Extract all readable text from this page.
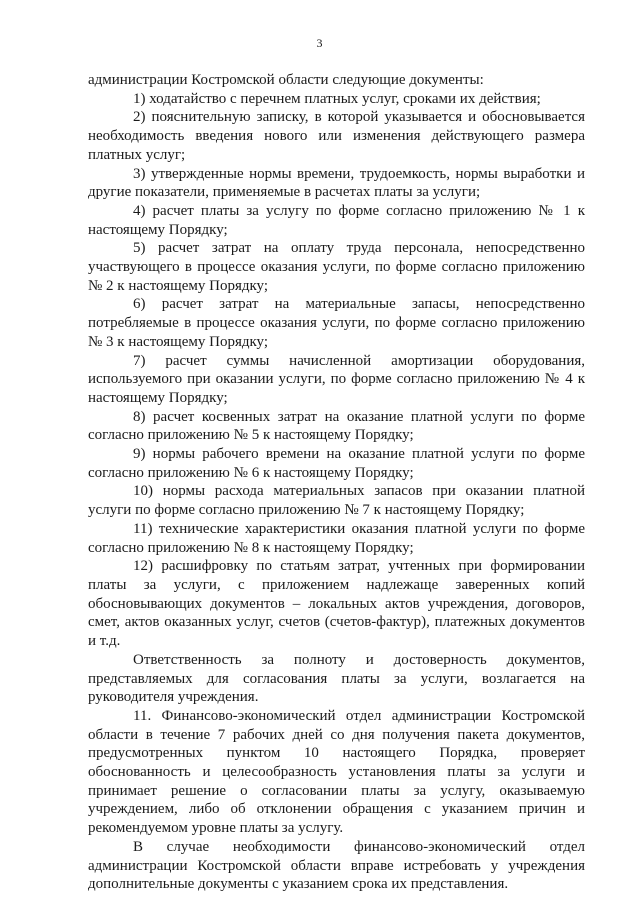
3

администрации Костромской области следующие документы:

1) ходатайство с перечнем платных услуг, сроками их действия;

2) пояснительную записку, в которой указывается и обосновывается необходимость введения нового или изменения действующего размера платных услуг;

3) утвержденные нормы времени, трудоемкость, нормы выработки и другие показатели, применяемые в расчетах платы за услуги;

4) расчет платы за услугу по форме согласно приложению № 1 к настоящему Порядку;

5) расчет затрат на оплату труда персонала, непосредственно участвующего в процессе оказания услуги, по форме согласно приложению № 2 к настоящему Порядку;

6) расчет затрат на материальные запасы, непосредственно потребляемые в процессе оказания услуги, по форме согласно приложению № 3 к настоящему Порядку;

7) расчет суммы начисленной амортизации оборудования, используемого при оказании услуги, по форме согласно приложению № 4 к настоящему Порядку;

8) расчет косвенных затрат на оказание платной услуги по форме согласно приложению № 5 к настоящему Порядку;

9) нормы рабочего времени на оказание платной услуги по форме согласно приложению № 6 к настоящему Порядку;

10) нормы расхода материальных запасов при оказании платной услуги по форме согласно приложению № 7 к настоящему Порядку;

11) технические характеристики оказания платной услуги по форме согласно приложению № 8 к настоящему Порядку;

12) расшифровку по статьям затрат, учтенных при формировании платы за услуги, с приложением надлежаще заверенных копий обосновывающих документов – локальных актов учреждения, договоров, смет, актов оказанных услуг, счетов (счетов-фактур), платежных документов и т.д.

Ответственность за полноту и достоверность документов, представляемых для согласования платы за услуги, возлагается на руководителя учреждения.

11. Финансово-экономический отдел администрации Костромской области в течение 7 рабочих дней со дня получения пакета документов, предусмотренных пунктом 10 настоящего Порядка, проверяет обоснованность и целесообразность установления платы за услуги и принимает решение о согласовании платы за услугу, оказываемую учреждением, либо об отклонении обращения с указанием причин и рекомендуемом уровне платы за услугу.

В случае необходимости финансово-экономический отдел администрации Костромской области вправе истребовать у учреждения дополнительные документы с указанием срока их представления.
